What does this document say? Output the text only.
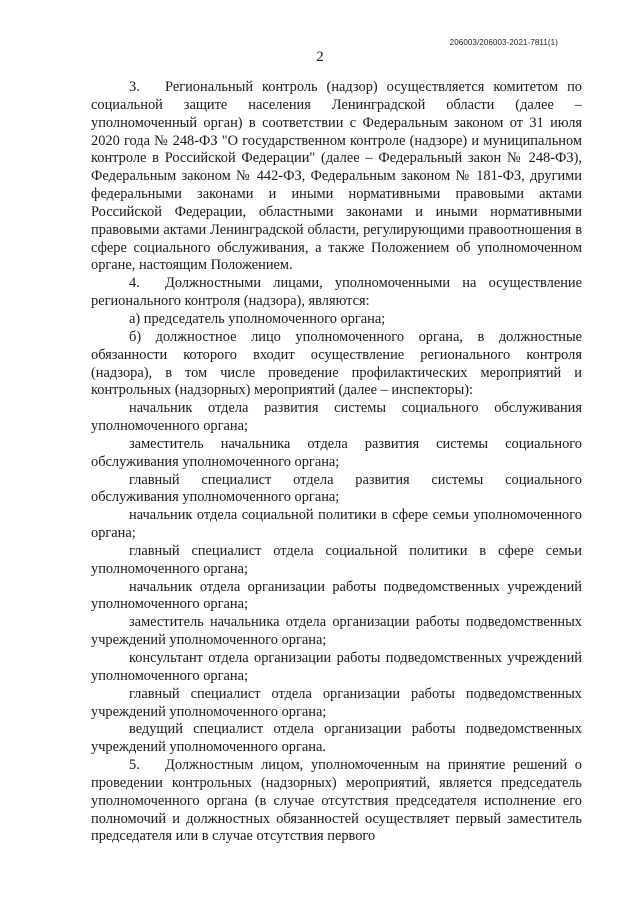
206003/206003-2021-7811(1)
2

3. Региональный контроль (надзор) осуществляется комитетом по социальной защите населения Ленинградской области (далее – уполномоченный орган) в соответствии с Федеральным законом от 31 июля 2020 года № 248-ФЗ "О государственном контроле (надзоре) и муниципальном контроле в Российской Федерации" (далее – Федеральный закон № 248-ФЗ), Федеральным законом № 442-ФЗ, Федеральным законом № 181-ФЗ, другими федеральными законами и иными нормативными правовыми актами Российской Федерации, областными законами и иными нормативными правовыми актами Ленинградской области, регулирующими правоотношения в сфере социального обслуживания, а также Положением об уполномоченном органе, настоящим Положением.

4. Должностными лицами, уполномоченными на осуществление регионального контроля (надзора), являются:

а) председатель уполномоченного органа;

б) должностное лицо уполномоченного органа, в должностные обязанности которого входит осуществление регионального контроля (надзора), в том числе проведение профилактических мероприятий и контрольных (надзорных) мероприятий (далее – инспекторы):

начальник отдела развития системы социального обслуживания уполномоченного органа;

заместитель начальника отдела развития системы социального обслуживания уполномоченного органа;

главный специалист отдела развития системы социального обслуживания уполномоченного органа;

начальник отдела социальной политики в сфере семьи уполномоченного органа;

главный специалист отдела социальной политики в сфере семьи уполномоченного органа;

начальник отдела организации работы подведомственных учреждений уполномоченного органа;

заместитель начальника отдела организации работы подведомственных учреждений уполномоченного органа;

консультант отдела организации работы подведомственных учреждений уполномоченного органа;

главный специалист отдела организации работы подведомственных учреждений уполномоченного органа;

ведущий специалист отдела организации работы подведомственных учреждений уполномоченного органа.

5. Должностным лицом, уполномоченным на принятие решений о проведении контрольных (надзорных) мероприятий, является председатель уполномоченного органа (в случае отсутствия председателя исполнение его полномочий и должностных обязанностей осуществляет первый заместитель председателя или в случае отсутствия первого
